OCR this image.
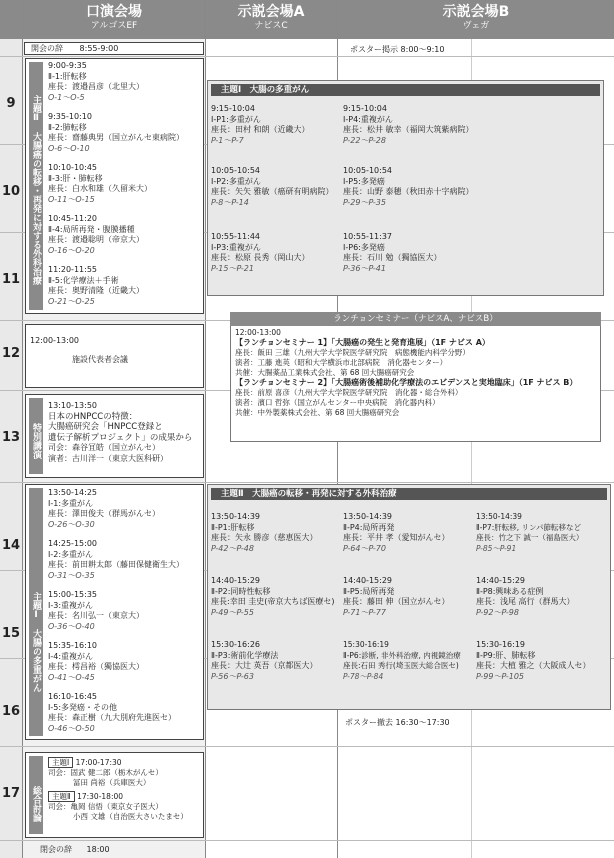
口演会場
アルゴスEF
示説会場A
ナビスC
示説会場B
ヴェガ
9
10
11
12
13
14
15
16
17
開会の辞 8:55-9:00	ポスター掲示 8:00～9:10
主題Ⅱ　大腸癌の転移・再発に対する外科治療
9:00-9:35
Ⅱ-1:肝転移
座長：渡邉昌彦（北里大）
O-1～O-5
9:35-10:10
Ⅱ-2:肺転移
座長：齋藤典男（国立がんセ東病院）
O-6～O-10
10:10-10:45
Ⅱ-3:肝・肺転移
座長：白水和雄（久留米大）
O-11～O-15
10:45-11:20
Ⅱ-4:局所再発・腹膜播種
座長：渡邉聡明（帝京大）
O-16～O-20
11:20-11:55
Ⅱ-5:化学療法＋手術
座長：奥野清隆（近畿大）
O-21～O-25
12:00-13:00
施設代表者会議
特別講演
13:10-13:50
日本のHNPCCの特徴：
大腸癌研究会「HNPCC登録と
遺伝子解析プロジェクト」の成果から
司会：森谷冝皓（国立がんセ）
演者：古川洋一（東京大医科研）
主題Ⅰ　大腸の多重がん
13:50-14:25
Ⅰ-1:多重がん
座長：澤田俊夫（群馬がんセ）
O-26～O-30
14:25-15:00
Ⅰ-2:多重がん
座長：前田耕太郎（藤田保健衛生大）
O-31～O-35
15:00-15:35
Ⅰ-3:重複がん
座長：名川弘一（東京大）
O-36～O-40
15:35-16:10
Ⅰ-4:重複がん
座長：樗昌裕（獨協医大）
O-41～O-45
16:10-16:45
Ⅰ-5:多発癌・その他
座長：森正樹（九大別府先進医セ）
O-46～O-50
総合討論
主題Ⅰ 17:00-17:30
司会：固武 健二郎（栃木がんセ）
冨田 尚裕（兵庫医大）
主題Ⅱ 17:30-18:00
司会：亀岡 信悟（東京女子医大）
小西 文雄（自治医大さいたまセ）
閉会の辞 18:00
主題Ⅰ　大腸の多重がん
9:15-10:04
Ⅰ-P1:多重がん
座長：田村 和朗（近畿大）
P-1～P-7
9:15-10:04
Ⅰ-P4:重複がん
座長：松井 敏幸（福岡大筑紫病院）
P-22～P-28
10:05-10:54
Ⅰ-P2:多重がん
座長：矢矢 雅敏（癌研有明病院）
P-8～P-14
10:05-10:54
Ⅰ-P5:多発癌
座長：山野 泰穂（秋田赤十字病院）
P-29～P-35
10:55-11:44
Ⅰ-P3:重複がん
座長：松原 長秀（岡山大）
P-15～P-21
10:55-11:37
Ⅰ-P6:多発癌
座長：石川 勉（獨協医大）
P-36～P-41
ランチョンセミナー（ナビスA、ナビスB）
12:00-13:00
【ランチョンセミナー 1】「大腸癌の発生と発育進展」（1F ナビス A）
座長：飯田 三雄（九州大学大学院医学研究院　病態機能内科学分野）
演者：工藤 進英（昭和大学横浜市北部病院　消化器センター）
共催：大腸薬品工業株式会社、第 68 回大腸癌研究会
【ランチョンセミナー 2】「大腸癌術後補助化学療法のエビデンスと実地臨床」（1F ナビス B）
座長：前原 喜彦（九州大学大学院医学研究院　消化器・総合外科）
演者：濱口 哲弥（国立がんセンター中央病院　消化器内科）
共催：中外製薬株式会社、第 68 回大腸癌研究会
主題Ⅱ　大腸癌の転移・再発に対する外科治療
13:50-14:39
Ⅱ-P1:肝転移
座長：矢永 勝彦（慈恵医大）
P-42～P-48
13:50-14:39
Ⅱ-P4:局所再発
座長：平井 孝（愛知がんセ）
P-64～P-70
13:50-14:39
Ⅱ-P7:肝転移, リンパ節転移など
座長：竹之下 誠一（福島医大）
P-85～P-91
14:40-15:29
Ⅱ-P2:同時性転移
座長:幸田 圭史(帝京大ちば医療セ)
P-49～P-55
14:40-15:29
Ⅱ-P5:局所再発
座長：藤田 伸（国立がんセ）
P-71～P-77
14:40-15:29
Ⅱ-P8:興味ある症例
座長：浅尾 高行（群馬大）
P-92～P-98
15:30-16:26
Ⅱ-P3:術前化学療法
座長：大辻 英吾（京都医大）
P-56～P-63
15:30-16:19
Ⅱ-P6:診断, 非外科治療, 内視鏡治療
座長:石田 秀行(埼玉医大総合医セ)
P-78～P-84
15:30-16:19
Ⅱ-P9:肝、肺転移
座長：大植 雅之（大阪成人セ）
P-99～P-105
ポスター撤去 16:30～17:30
